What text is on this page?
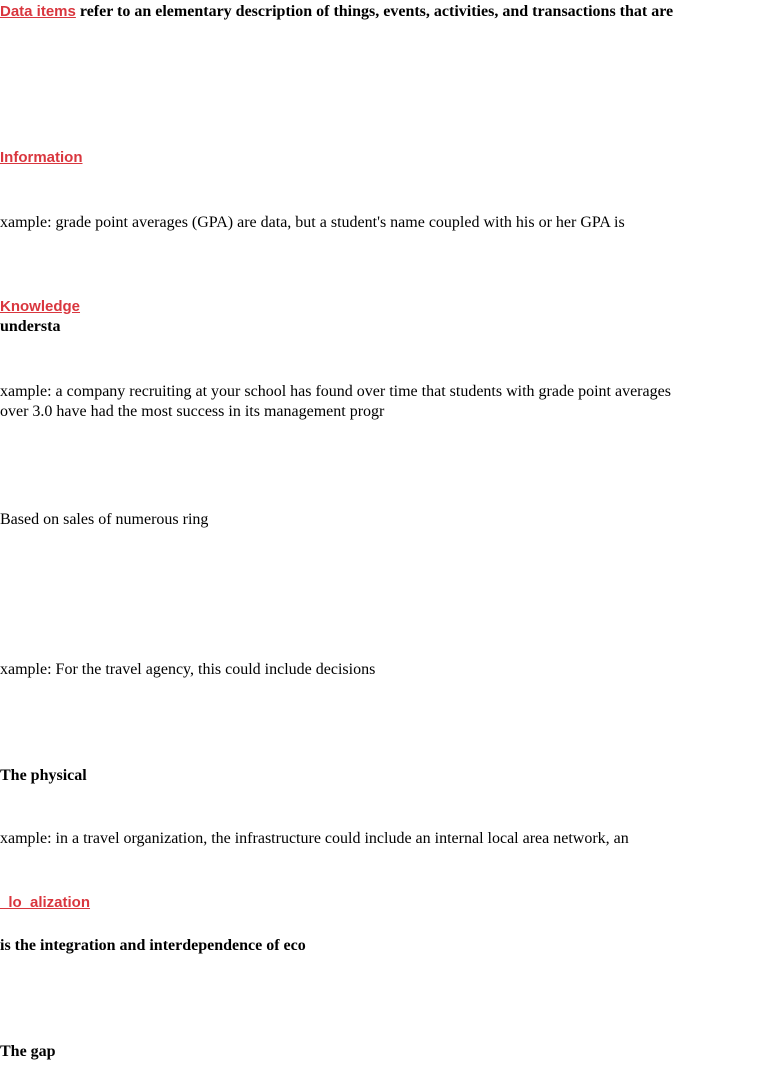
Data items refer to an elementary description of things, events, activities, and transactions that are

Information

xample: grade point averages (GPA) are data, but a student's name coupled with his or her GPA is

Knowledge

understa

xample: a company recruiting at your school has found over time that students with grade point averages

over 3.0 have had the most success in its management progr

Based on sales of numerous ring

xample: For the travel agency, this could include decisions

The physical

xample: in a travel organization, the infrastructure could include an internal local area network, an

lo  alization

is the integration and interdependence of eco

The gap
